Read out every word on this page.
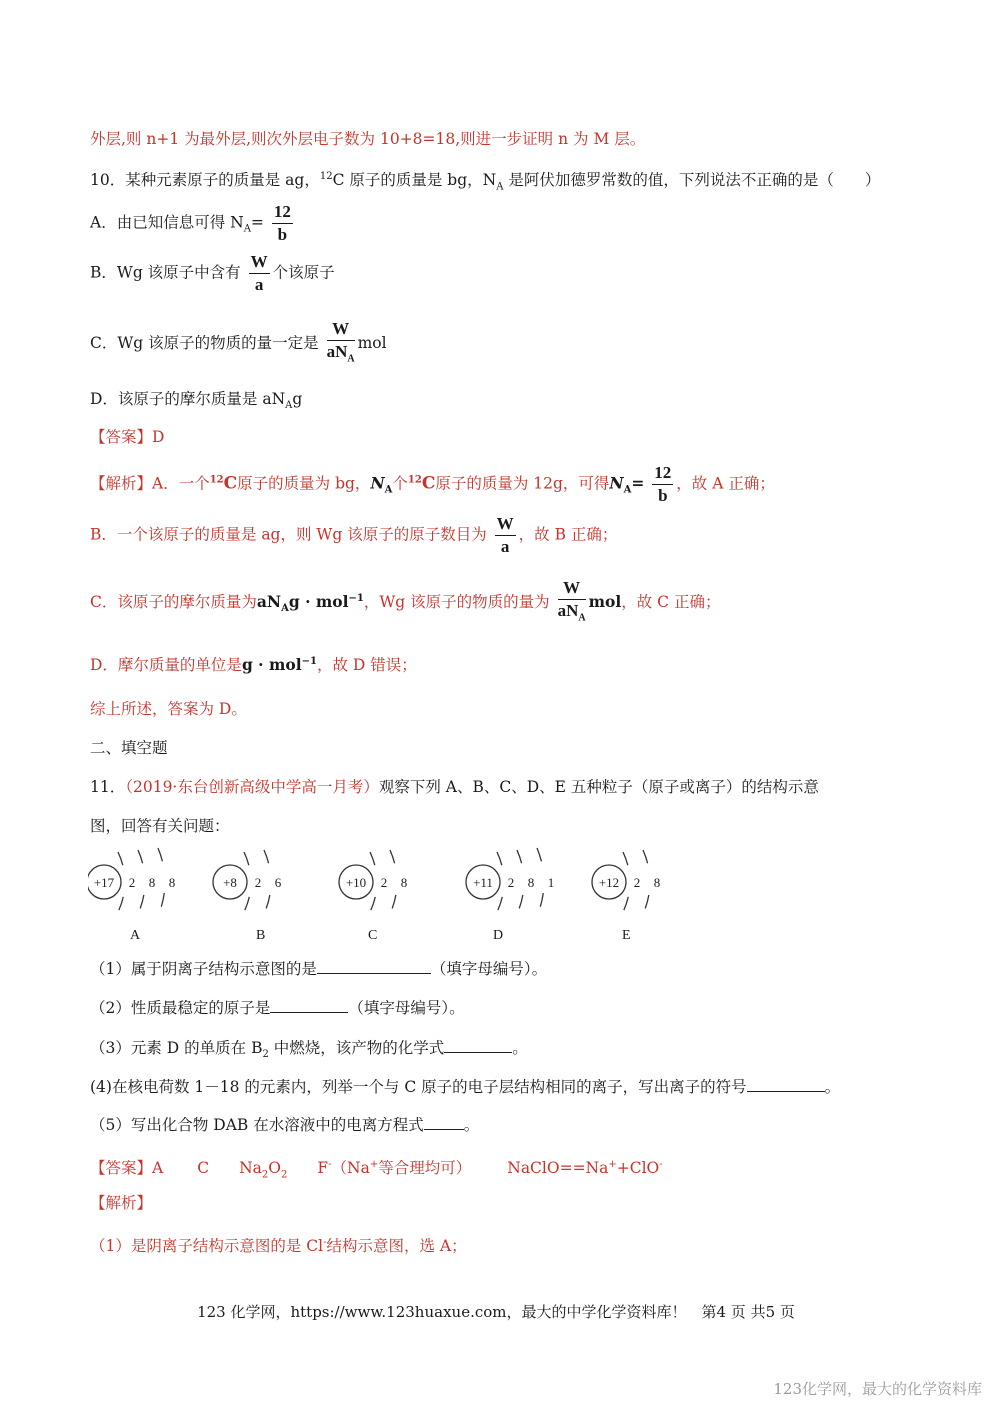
外层,则 n+1 为最外层,则次外层电子数为 10+8=18,则进一步证明 n 为 M 层。
10．某种元素原子的质量是 ag，$^{12}$C 原子的质量是 bg，$N_A$ 是阿伏加德罗常数的值，下列说法不正确的是（　　）
A．由已知信息可得 $N_A= \frac{12}{b}$
B．Wg 该原子中含有 $\frac{W}{a}$ 个该原子
C．Wg 该原子的物质的量一定是 $\frac{W}{aN_A}$ mol
D．该原子的摩尔质量是 $aN_Ag$
【答案】D
【解析】A．一个$^{12}$C原子的质量为 bg，$N_A$个$^{12}$C原子的质量为 12g，可得$N_A= \frac{12}{b}$ ，故 A 正确；
B．一个该原子的质量是 ag，则 Wg 该原子的原子数目为 $\frac{W}{a}$ ，故 B 正确；
C．该原子的摩尔质量为$aN_Ag \cdot mol^{-1}$，Wg 该原子的物质的量为 $\frac{W}{aN_A}$ mol，故 C 正确；
D．摩尔质量的单位是g · mol$^{-1}$，故 D 错误；
综上所述，答案为 D。
二、填空题
11．（2019·东台创新高级中学高一月考）观察下列 A、B、C、D、E 五种粒子（原子或离子）的结构示意
图，回答有关问题：
+17 2 8 8	+8 2 6	+10 2 8	+11 2 8 1	+12 2 8
A	B	C	D	E
（1）属于阴离子结构示意图的是	（填字母编号）。
（2）性质最稳定的原子是	（填字母编号）。
（3）元素 D 的单质在 $B_2$ 中燃烧，该产物的化学式	。
(4)在核电荷数 1－18 的元素内，列举一个与 C 原子的电子层结构相同的离子，写出离子的符号	。
（5）写出化合物 DAB 在水溶液中的电离方程式	。
【答案】A C $Na_2O_2$ F-（Na+等合理均可） NaClO==Na++ClO-
【解析】
（1）是阴离子结构示意图的是 Cl-结构示意图，选 A；
123 化学网，https://www.123huaxue.com，最大的中学化学资料库！　第4 页 共5 页
123化学网，最大的化学资料库
